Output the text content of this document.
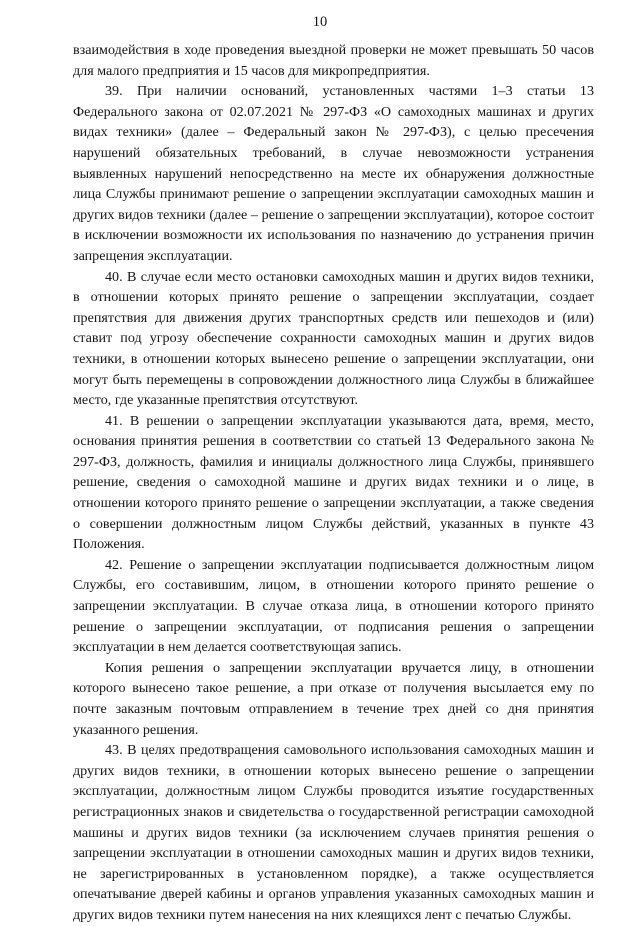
10

взаимодействия в ходе проведения выездной проверки не может превышать 50 часов для малого предприятия и 15 часов для микропредприятия.

39. При наличии оснований, установленных частями 1–3 статьи 13 Федерального закона от 02.07.2021 № 297-ФЗ «О самоходных машинах и других видах техники» (далее – Федеральный закон № 297-ФЗ), с целью пресечения нарушений обязательных требований, в случае невозможности устранения выявленных нарушений непосредственно на месте их обнаружения должностные лица Службы принимают решение о запрещении эксплуатации самоходных машин и других видов техники (далее – решение о запрещении эксплуатации), которое состоит в исключении возможности их использования по назначению до устранения причин запрещения эксплуатации.

40. В случае если место остановки самоходных машин и других видов техники, в отношении которых принято решение о запрещении эксплуатации, создает препятствия для движения других транспортных средств или пешеходов и (или) ставит под угрозу обеспечение сохранности самоходных машин и других видов техники, в отношении которых вынесено решение о запрещении эксплуатации, они могут быть перемещены в сопровождении должностного лица Службы в ближайшее место, где указанные препятствия отсутствуют.

41. В решении о запрещении эксплуатации указываются дата, время, место, основания принятия решения в соответствии со статьей 13 Федерального закона № 297-ФЗ, должность, фамилия и инициалы должностного лица Службы, принявшего решение, сведения о самоходной машине и других видах техники и о лице, в отношении которого принято решение о запрещении эксплуатации, а также сведения о совершении должностным лицом Службы действий, указанных в пункте 43 Положения.

42. Решение о запрещении эксплуатации подписывается должностным лицом Службы, его составившим, лицом, в отношении которого принято решение о запрещении эксплуатации. В случае отказа лица, в отношении которого принято решение о запрещении эксплуатации, от подписания решения о запрещении эксплуатации в нем делается соответствующая запись.

Копия решения о запрещении эксплуатации вручается лицу, в отношении которого вынесено такое решение, а при отказе от получения высылается ему по почте заказным почтовым отправлением в течение трех дней со дня принятия указанного решения.

43. В целях предотвращения самовольного использования самоходных машин и других видов техники, в отношении которых вынесено решение о запрещении эксплуатации, должностным лицом Службы проводится изъятие государственных регистрационных знаков и свидетельства о государственной регистрации самоходной машины и других видов техники (за исключением случаев принятия решения о запрещении эксплуатации в отношении самоходных машин и других видов техники, не зарегистрированных в установленном порядке), а также осуществляется опечатывание дверей кабины и органов управления указанных самоходных машин и других видов техники путем нанесения на них клеящихся лент с печатью Службы.
